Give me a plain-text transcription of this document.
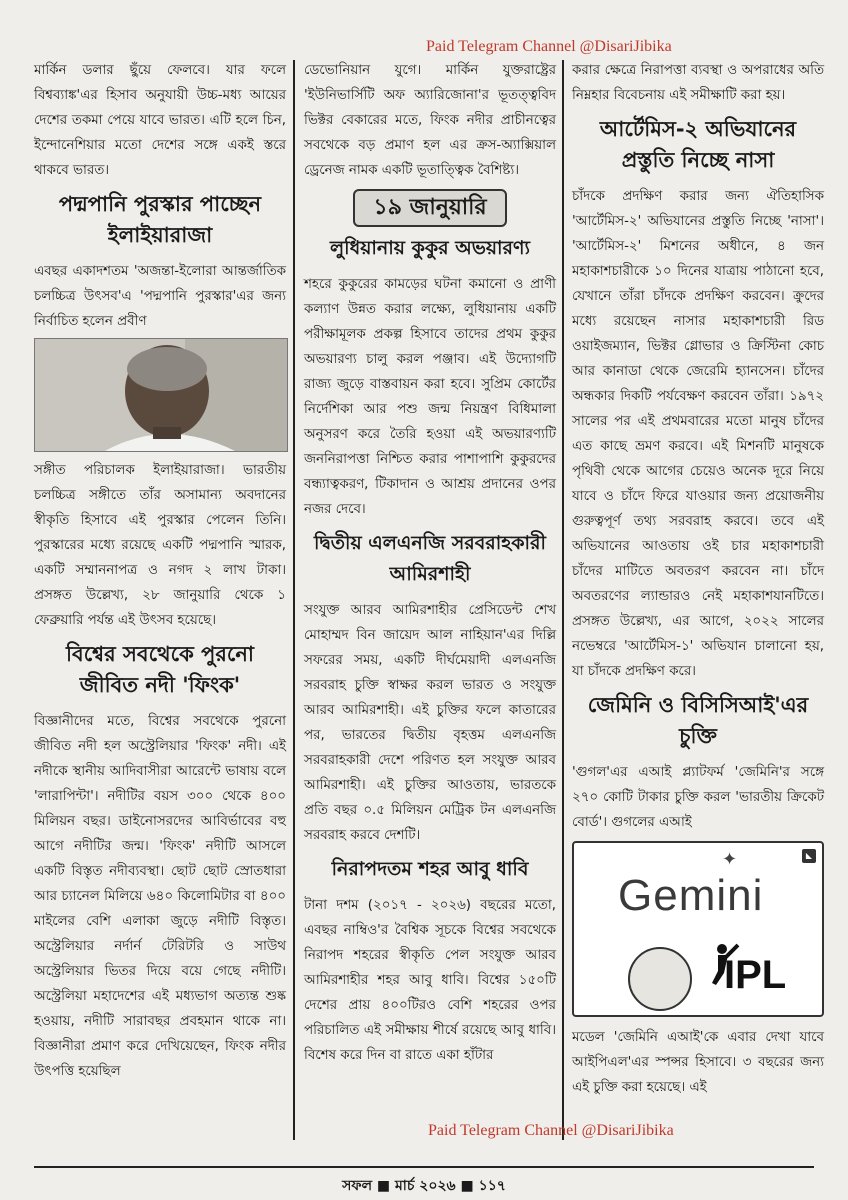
Paid Telegram Channel @DisariJibika

মার্কিন ডলার ছুঁয়ে ফেলবে। যার ফলে বিশ্বব্যাঙ্ক'এর হিসাব অনুযায়ী উচ্চ-মধ্য আয়ের দেশের তকমা পেয়ে যাবে ভারত। এটি হলে চিন, ইন্দোনেশিয়ার মতো দেশের সঙ্গে একই স্তরে থাকবে ভারত।

পদ্মপানি পুরস্কার পাচ্ছেন ইলাইয়ারাজা

এবছর একাদশতম 'অজন্তা-ইলোরা আন্তর্জাতিক চলচ্চিত্র উৎসব'এ 'পদ্মপানি পুরস্কার'এর জন্য নির্বাচিত হলেন প্রবীণ

সঙ্গীত পরিচালক ইলাইয়ারাজা। ভারতীয় চলচ্চিত্র সঙ্গীতে তাঁর অসামান্য অবদানের স্বীকৃতি হিসাবে এই পুরস্কার পেলেন তিনি। পুরস্কারের মধ্যে রয়েছে একটি পদ্মপানি স্মারক, একটি সম্মাননাপত্র ও নগদ ২ লাখ টাকা। প্রসঙ্গত উল্লেখ্য, ২৮ জানুয়ারি থেকে ১ ফেব্রুয়ারি পর্যন্ত এই উৎসব হয়েছে।

বিশ্বের সবথেকে পুরনো জীবিত নদী 'ফিংক'

বিজ্ঞানীদের মতে, বিশ্বের সবথেকে পুরনো জীবিত নদী হল অস্ট্রেলিয়ার 'ফিংক' নদী। এই নদীকে স্থানীয় আদিবাসীরা আরেন্টে ভাষায় বলে 'লারাপিন্টা'। নদীটির বয়স ৩০০ থেকে ৪০০ মিলিয়ন বছর। ডাইনোসরদের আবির্ভাবের বহু আগে নদীটির জন্ম। 'ফিংক' নদীটি আসলে একটি বিস্তৃত নদীব্যবস্থা। ছোট ছোট স্রোতধারা আর চ্যানেল মিলিয়ে ৬৪০ কিলোমিটার বা ৪০০ মাইলের বেশি এলাকা জুড়ে নদীটি বিস্তৃত। অস্ট্রেলিয়ার নর্দার্ন টেরিটরি ও সাউথ অস্ট্রেলিয়ার ভিতর দিয়ে বয়ে গেছে নদীটি। অস্ট্রেলিয়া মহাদেশের এই মধ্যভাগ অত্যন্ত শুষ্ক হওয়ায়, নদীটি সারাবছর প্রবহমান থাকে না। বিজ্ঞানীরা প্রমাণ করে দেখিয়েছেন, ফিংক নদীর উৎপত্তি হয়েছিল

ডেভোনিয়ান যুগে। মার্কিন যুক্তরাষ্ট্রের 'ইউনিভার্সিটি অফ অ্যারিজোনা'র ভূতত্ত্ববিদ ভিক্টর বেকারের মতে, ফিংক নদীর প্রাচীনত্বের সবথেকে বড় প্রমাণ হল এর ক্রস-অ্যাক্সিয়াল ড্রেনেজ নামক একটি ভূতাত্ত্বিক বৈশিষ্ট্য।

১৯ জানুয়ারি
লুধিয়ানায় কুকুর অভয়ারণ্য

শহরে কুকুরের কামড়ের ঘটনা কমানো ও প্রাণী কল্যাণ উন্নত করার লক্ষ্যে, লুধিয়ানায় একটি পরীক্ষামূলক প্রকল্প হিসাবে তাদের প্রথম কুকুর অভয়ারণ্য চালু করল পঞ্জাব। এই উদ্যোগটি রাজ্য জুড়ে বাস্তবায়ন করা হবে। সুপ্রিম কোর্টের নির্দেশিকা আর পশু জন্ম নিয়ন্ত্রণ বিধিমালা অনুসরণ করে তৈরি হওয়া এই অভয়ারণ্যটি জননিরাপত্তা নিশ্চিত করার পাশাপাশি কুকুরদের বন্ধ্যাত্বকরণ, টিকাদান ও আশ্রয় প্রদানের ওপর নজর দেবে।

দ্বিতীয় এলএনজি সরবরাহকারী আমিরশাহী

সংযুক্ত আরব আমিরশাহীর প্রেসিডেন্ট শেখ মোহাম্মদ বিন জায়েদ আল নাহিয়ান'এর দিল্লি সফরের সময়, একটি দীর্ঘমেয়াদী এলএনজি সরবরাহ চুক্তি স্বাক্ষর করল ভারত ও সংযুক্ত আরব আমিরশাহী। এই চুক্তির ফলে কাতারের পর, ভারতের দ্বিতীয় বৃহত্তম এলএনজি সরবরাহকারী দেশে পরিণত হল সংযুক্ত আরব আমিরশাহী। এই চুক্তির আওতায়, ভারতকে প্রতি বছর ০.৫ মিলিয়ন মেট্রিক টন এলএনজি সরবরাহ করবে দেশটি।

নিরাপদতম শহর আবু ধাবি

টানা দশম (২০১৭ - ২০২৬) বছরের মতো, এবছর নাম্বিও'র বৈশ্বিক সূচকে বিশ্বের সবথেকে নিরাপদ শহরের স্বীকৃতি পেল সংযুক্ত আরব আমিরশাহীর শহর আবু ধাবি। বিশ্বের ১৫০টি দেশের প্রায় ৪০০টিরও বেশি শহরের ওপর পরিচালিত এই সমীক্ষায় শীর্ষে রয়েছে আবু ধাবি। বিশেষ করে দিন বা রাতে একা হাঁটার

করার ক্ষেত্রে নিরাপত্তা ব্যবস্থা ও অপরাধের অতি নিম্নহার বিবেচনায় এই সমীক্ষাটি করা হয়।

আর্টেমিস-২ অভিযানের প্রস্তুতি নিচ্ছে নাসা

চাঁদকে প্রদক্ষিণ করার জন্য ঐতিহাসিক 'আর্টেমিস-২' অভিযানের প্রস্তুতি নিচ্ছে 'নাসা'। 'আর্টেমিস-২' মিশনের অধীনে, ৪ জন মহাকাশচারীকে ১০ দিনের যাত্রায় পাঠানো হবে, যেখানে তাঁরা চাঁদকে প্রদক্ষিণ করবেন। ক্রুদের মধ্যে রয়েছেন নাসার মহাকাশচারী রিড ওয়াইজম্যান, ভিক্টর গ্লোভার ও ক্রিস্টিনা কোচ আর কানাডা থেকে জেরেমি হ্যানসেন। চাঁদের অন্ধকার দিকটি পর্যবেক্ষণ করবেন তাঁরা। ১৯৭২ সালের পর এই প্রথমবারের মতো মানুষ চাঁদের এত কাছে ভ্রমণ করবে। এই মিশনটি মানুষকে পৃথিবী থেকে আগের চেয়েও অনেক দূরে নিয়ে যাবে ও চাঁদে ফিরে যাওয়ার জন্য প্রয়োজনীয় গুরুত্বপূর্ণ তথ্য সরবরাহ করবে। তবে এই অভিযানের আওতায় ওই চার মহাকাশচারী চাঁদের মাটিতে অবতরণ করবেন না। চাঁদে অবতরণের ল্যান্ডারও নেই মহাকাশযানটিতে। প্রসঙ্গত উল্লেখ্য, এর আগে, ২০২২ সালের নভেম্বরে 'আর্টেমিস-১' অভিযান চালানো হয়, যা চাঁদকে প্রদক্ষিণ করে।

জেমিনি ও বিসিসিআই'এর চুক্তি

'গুগল'এর এআই প্ল্যাটফর্ম 'জেমিনি'র সঙ্গে ২৭০ কোটি টাকার চুক্তি করল 'ভারতীয় ক্রিকেট বোর্ড'। গুগলের এআই

◣
✦
Gemini
IPL

মডেল 'জেমিনি এআই'কে এবার দেখা যাবে আইপিএল'এর স্পন্সর হিসাবে। ৩ বছরের জন্য এই চুক্তি করা হয়েছে। এই

Paid Telegram Channel @DisariJibika
সফল ■ মার্চ ২০২৬ ■ ১১৭
